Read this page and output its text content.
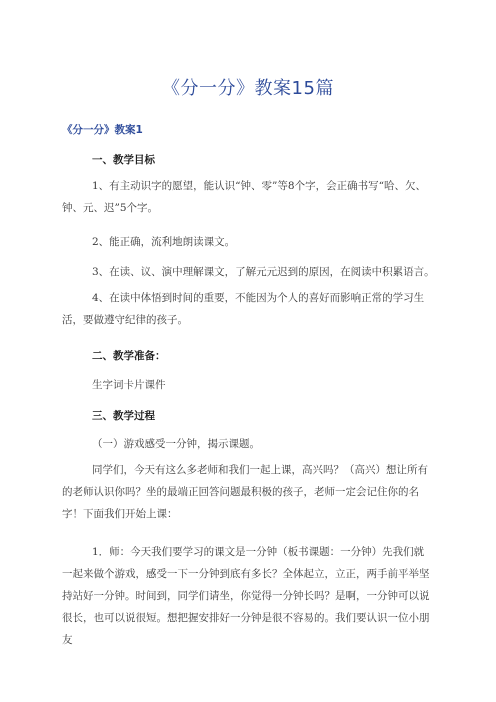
《分一分》教案15篇
《分一分》教案1
一、教学目标
1、有主动识字的愿望，能认识“钟、零”等8个字，会正确书写“哈、欠、钟、元、迟”5个字。
2、能正确，流利地朗读课文。
3、在读、议、演中理解课文，了解元元迟到的原因，在阅读中积累语言。
4、在读中体悟到时间的重要，不能因为个人的喜好而影响正常的学习生活，要做遵守纪律的孩子。
二、教学准备：
生字词卡片课件
三、教学过程
（一）游戏感受一分钟，揭示课题。
同学们，今天有这么多老师和我们一起上课，高兴吗？（高兴）想让所有的老师认识你吗？坐的最端正回答问题最积极的孩子，老师一定会记住你的名字！下面我们开始上课：
1．师：今天我们要学习的课文是一分钟（板书课题：一分钟）先我们就一起来做个游戏，感受一下一分钟到底有多长？全体起立，立正，两手前平举坚持站好一分钟。时间到，同学们请坐，你觉得一分钟长吗？是啊，一分钟可以说很长，也可以说很短。想把握安排好一分钟是很不容易的。我们要认识一位小朋友
